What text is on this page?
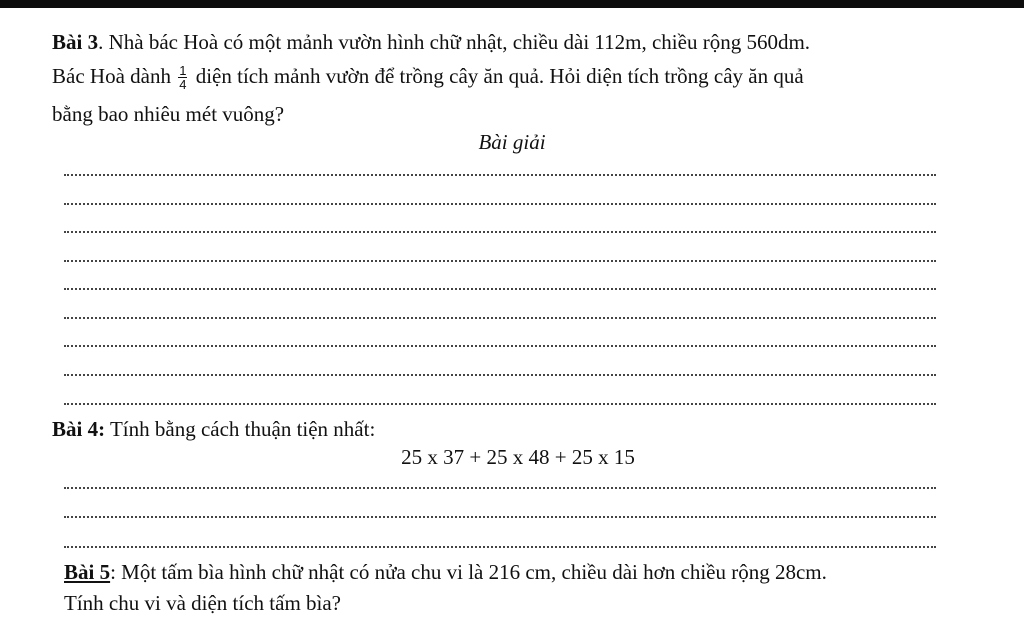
Bài 3. Nhà bác Hoà có một mảnh vườn hình chữ nhật, chiều dài 112m, chiều rộng 560dm.
Bác Hoà dành $\frac{1}{4}$ diện tích mảnh vườn để trồng cây ăn quả. Hỏi diện tích trồng cây ăn quả
bằng bao nhiêu mét vuông?
Bài giải
Bài 4: Tính bằng cách thuận tiện nhất:
25 x 37 + 25 x 48 + 25 x 15
Bài 5: Một tấm bìa hình chữ nhật có nửa chu vi là 216 cm, chiều dài hơn chiều rộng 28cm.
Tính chu vi và diện tích tấm bìa?
